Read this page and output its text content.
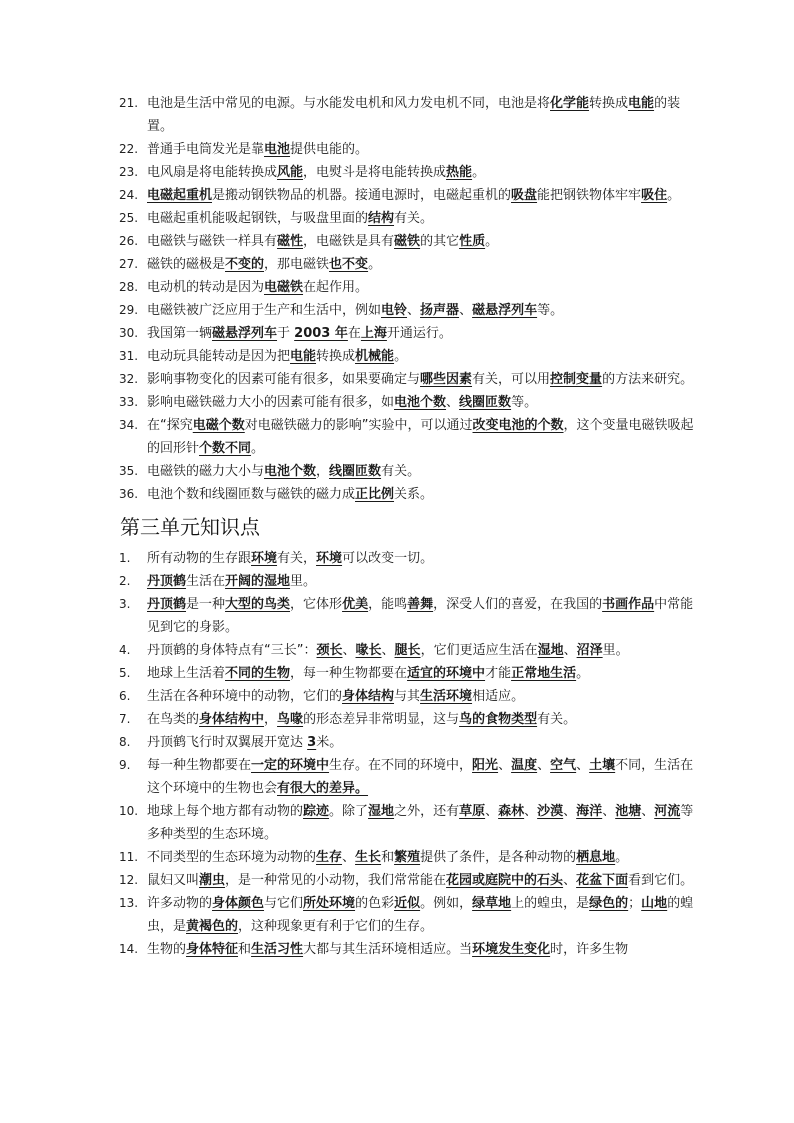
21. 电池是生活中常见的电源。与水能发电机和风力发电机不同，电池是将化学能转换成电能的装置。
22. 普通手电筒发光是靠电池提供电能的。
23. 电风扇是将电能转换成风能，电熨斗是将电能转换成热能。
24. 电磁起重机是搬动钢铁物品的机器。接通电源时，电磁起重机的吸盘能把钢铁物体牢牢吸住。
25. 电磁起重机能吸起钢铁，与吸盘里面的结构有关。
26. 电磁铁与磁铁一样具有磁性，电磁铁是具有磁铁的其它性质。
27. 磁铁的磁极是不变的，那电磁铁也不变。
28. 电动机的转动是因为电磁铁在起作用。
29. 电磁铁被广泛应用于生产和生活中，例如电铃、扬声器、磁悬浮列车等。
30. 我国第一辆磁悬浮列车于 2003 年在上海开通运行。
31. 电动玩具能转动是因为把电能转换成机械能。
32. 影响事物变化的因素可能有很多，如果要确定与哪些因素有关，可以用控制变量的方法来研究。
33. 影响电磁铁磁力大小的因素可能有很多，如电池个数、线圈匝数等。
34. 在“探究电磁个数对电磁铁磁力的影响”实验中，可以通过改变电池的个数，这个变量电磁铁吸起的回形针个数不同。
35. 电磁铁的磁力大小与电池个数，线圈匝数有关。
36. 电池个数和线圈匝数与磁铁的磁力成正比例关系。
第三单元知识点
1.	所有动物的生存跟环境有关，环境可以改变一切。
2.	丹顶鹤生活在开阔的湿地里。
3.	丹顶鹤是一种大型的鸟类，它体形优美，能鸣善舞，深受人们的喜爱，在我国的书画作品中常能见到它的身影。
4.	丹顶鹤的身体特点有“三长”：颈长、喙长、腿长，它们更适应生活在湿地、沼泽里。
5.	地球上生活着不同的生物，每一种生物都要在适宜的环境中才能正常地生活。
6.	生活在各种环境中的动物，它们的身体结构与其生活环境相适应。
7.	在鸟类的身体结构中，鸟喙的形态差异非常明显，这与鸟的食物类型有关。
8.	丹顶鹤飞行时双翼展开宽达 3米。
9.	每一种生物都要在一定的环境中生存。在不同的环境中，阳光、温度、空气、土壤不同，生活在这个环境中的生物也会有很大的差异。
10. 地球上每个地方都有动物的踪迹。除了湿地之外，还有草原、森林、沙漠、海洋、池塘、河流等多种类型的生态环境。
11. 不同类型的生态环境为动物的生存、生长和繁殖提供了条件，是各种动物的栖息地。
12. 鼠妇又叫潮虫，是一种常见的小动物，我们常常能在花园或庭院中的石头、花盆下面看到它们。
13. 许多动物的身体颜色与它们所处环境的色彩近似。例如，绿草地上的蝗虫，是绿色的；山地的蝗虫，是黄褐色的，这种现象更有利于它们的生存。
14. 生物的身体特征和生活习性大都与其生活环境相适应。当环境发生变化时，许多生物
